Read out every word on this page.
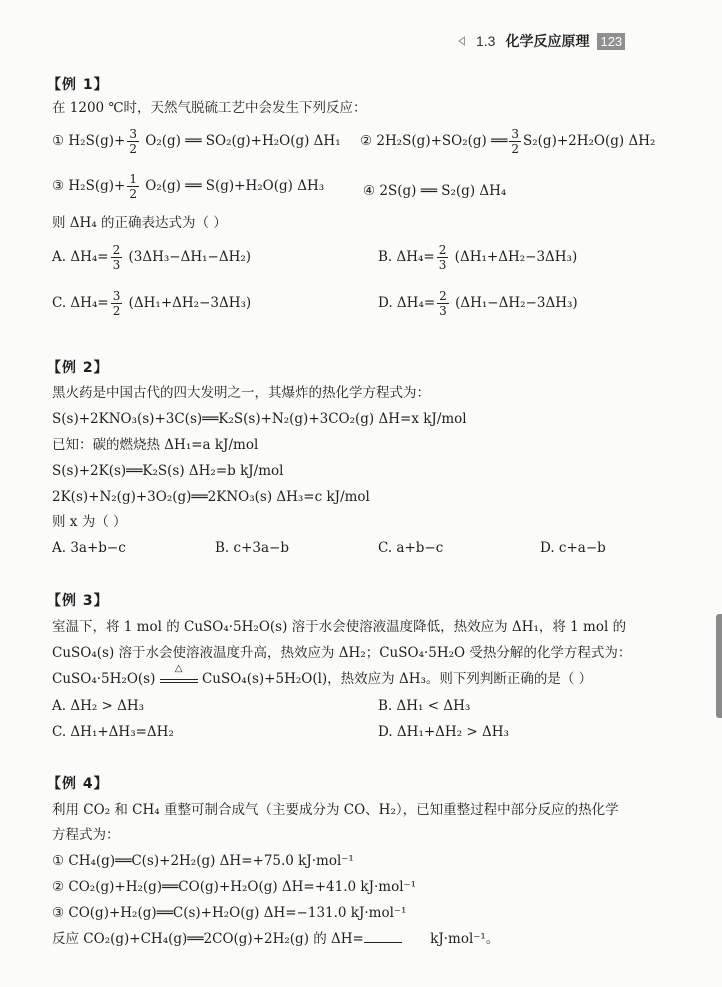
1.3 化学反应原理 123
【例 1】
在 1200 ℃时，天然气脱硫工艺中会发生下列反应：
① $H_2S(g)+ \frac{3}{2} O_2(g)$ ══ SO₂(g)+H₂O(g) ΔH₁ ② 2H₂S(g)+SO₂(g) ══ $\frac{3}{2} S_2(g)+2H_2O(g)$ ΔH₂
③ $H_2S(g)+ \frac{1}{2} O_2(g)$ ══ S(g)+H₂O(g) ΔH₃	④ 2S(g) ══ S₂(g) ΔH₄
则 ΔH₄ 的正确表达式为（ ）
A. $\Delta H_4= \frac{2}{3} (3\Delta H_3-\Delta H_1-\Delta H_2)$	B. $\Delta H_4= \frac{2}{3} (\Delta H_1+\Delta H_2-3\Delta H_3)$
C. $\Delta H_4= \frac{3}{2} (\Delta H_1+\Delta H_2-3\Delta H_3)$	D. $\Delta H_4= \frac{2}{3} (\Delta H_1-\Delta H_2-3\Delta H_3)$
【例 2】
黑火药是中国古代的四大发明之一，其爆炸的热化学方程式为：
S(s)+2KNO₃(s)+3C(s)══K₂S(s)+N₂(g)+3CO₂(g) ΔH=x kJ/mol
已知：碳的燃烧热 ΔH₁=a kJ/mol
S(s)+2K(s)══K₂S(s) ΔH₂=b kJ/mol
2K(s)+N₂(g)+3O₂(g)══2KNO₃(s) ΔH₃=c kJ/mol
则 x 为（ ）
A. 3a+b−c	B. c+3a−b	C. a+b−c	D. c+a−b
【例 3】
室温下，将 1 mol 的 CuSO₄·5H₂O(s) 溶于水会使溶液温度降低，热效应为 ΔH₁，将 1 mol 的
CuSO₄(s) 溶于水会使溶液温度升高，热效应为 ΔH₂；CuSO₄·5H₂O 受热分解的化学方程式为：
CuSO₄·5H₂O(s)
△
CuSO₄(s)+5H₂O(l)，热效应为 ΔH₃。则下列判断正确的是（ ）
A. ΔH₂ > ΔH₃	B. ΔH₁ < ΔH₃
C. ΔH₁+ΔH₃=ΔH₂	D. ΔH₁+ΔH₂ > ΔH₃
【例 4】
利用 CO₂ 和 CH₄ 重整可制合成气（主要成分为 CO、H₂），已知重整过程中部分反应的热化学
方程式为：
① CH₄(g)══C(s)+2H₂(g) ΔH=+75.0 kJ·mol⁻¹
② CO₂(g)+H₂(g)══CO(g)+H₂O(g) ΔH=+41.0 kJ·mol⁻¹
③ CO(g)+H₂(g)══C(s)+H₂O(g) ΔH=−131.0 kJ·mol⁻¹
反应 CO₂(g)+CH₄(g)══2CO(g)+2H₂(g) 的 ΔH=	kJ·mol⁻¹。
